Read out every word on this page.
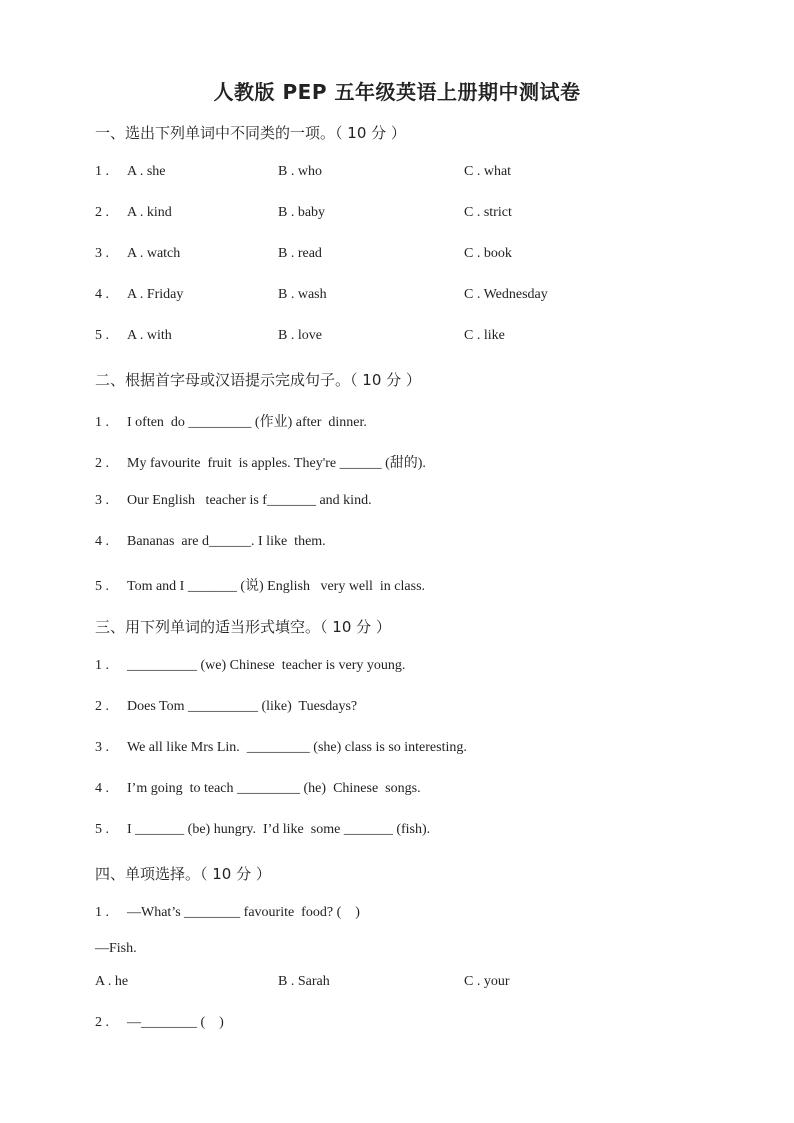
人教版 PEP 五年级英语上册期中测试卷
一、选出下列单词中不同类的一项。（ 10 分 ）
1 .	A . she	B . who	C . what
2 .	A . kind	B . baby	C . strict
3 .	A . watch	B . read	C . book
4 .	A . Friday	B . wash	C . Wednesday
5 .	A . with	B . love	C . like
二、根据首字母或汉语提示完成句子。（ 10 分 ）
1 . I often  do _________ (作业) after  dinner.
2 . My favourite  fruit  is apples. They're ______ (甜的).
3 . Our English   teacher is f_______ and kind.
4 . Bananas  are d______. I like  them.
5 . Tom and I _______ (说) English   very well  in class.
三、用下列单词的适当形式填空。（ 10 分 ）
1 . __________ (we) Chinese  teacher is very young.
2 . Does Tom __________ (like)  Tuesdays?
3 . We all like Mrs Lin.  _________ (she) class is so interesting.
4 . I’m going  to teach _________ (he)  Chinese  songs.
5 . I _______ (be) hungry.  I’d like  some _______ (fish).
四、单项选择。（ 10 分 ）
1 . —What’s ________ favourite  food? (    )
—Fish.
A . he	B . Sarah	C . your
2 . —________ (    )
